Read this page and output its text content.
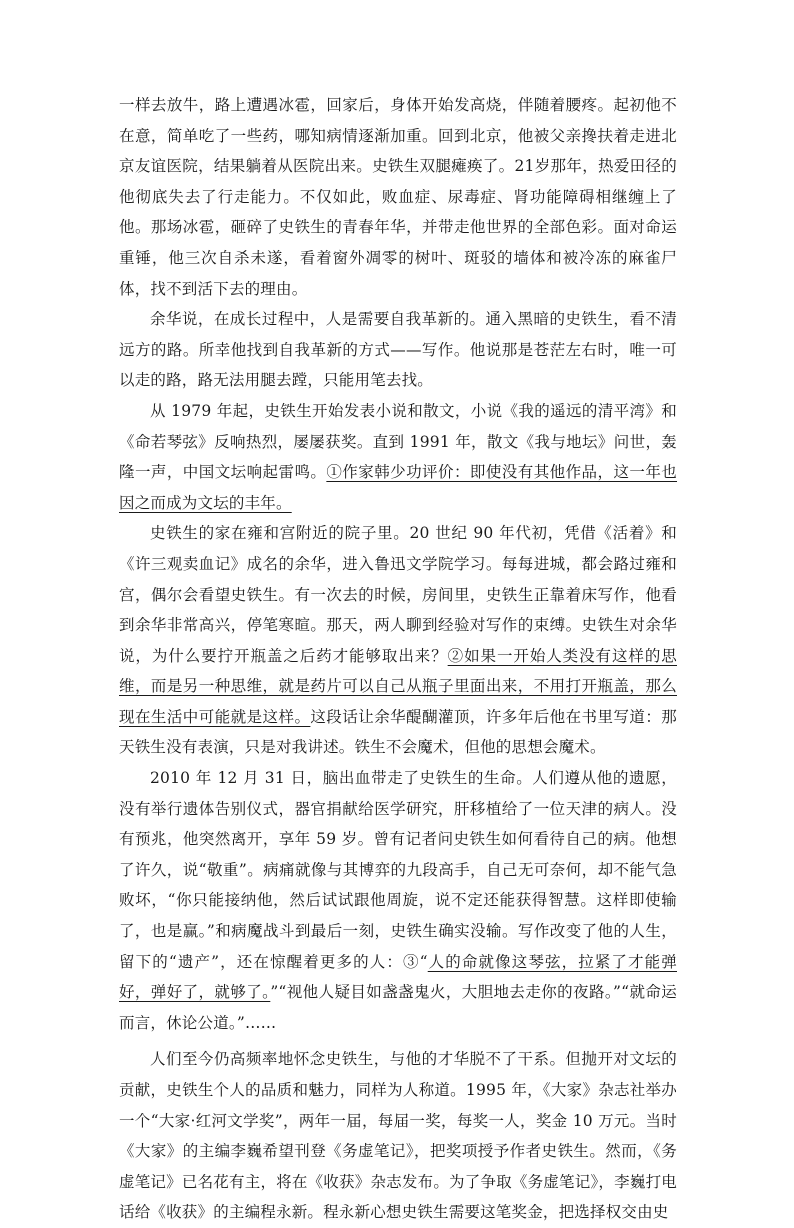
一样去放牛，路上遭遇冰雹，回家后，身体开始发高烧，伴随着腰疼。起初他不在意，简单吃了一些药，哪知病情逐渐加重。回到北京，他被父亲搀扶着走进北京友谊医院，结果躺着从医院出来。史铁生双腿瘫痪了。21岁那年，热爱田径的他彻底失去了行走能力。不仅如此，败血症、尿毒症、肾功能障碍相继缠上了他。那场冰雹，砸碎了史铁生的青春年华，并带走他世界的全部色彩。面对命运重锤，他三次自杀未遂，看着窗外凋零的树叶、斑驳的墙体和被冷冻的麻雀尸体，找不到活下去的理由。

余华说，在成长过程中，人是需要自我革新的。通入黑暗的史铁生，看不清远方的路。所幸他找到自我革新的方式——写作。他说那是苍茫左右时，唯一可以走的路，路无法用腿去蹚，只能用笔去找。

从 1979 年起，史铁生开始发表小说和散文，小说《我的遥远的清平湾》和《命若琴弦》反响热烈，屡屡获奖。直到 1991 年，散文《我与地坛》问世，轰隆一声，中国文坛响起雷鸣。①作家韩少功评价：即使没有其他作品，这一年也因之而成为文坛的丰年。

史铁生的家在雍和宫附近的院子里。20 世纪 90 年代初，凭借《活着》和《许三观卖血记》成名的余华，进入鲁迅文学院学习。每每进城，都会路过雍和宫，偶尔会看望史铁生。有一次去的时候，房间里，史铁生正靠着床写作，他看到余华非常高兴，停笔寒暄。那天，两人聊到经验对写作的束缚。史铁生对余华说，为什么要拧开瓶盖之后药才能够取出来？②如果一开始人类没有这样的思维，而是另一种思维，就是药片可以自己从瓶子里面出来，不用打开瓶盖，那么现在生活中可能就是这样。这段话让余华醍醐灌顶，许多年后他在书里写道：那天铁生没有表演，只是对我讲述。铁生不会魔术，但他的思想会魔术。

2010 年 12 月 31 日，脑出血带走了史铁生的生命。人们遵从他的遗愿，没有举行遗体告别仪式，器官捐献给医学研究，肝移植给了一位天津的病人。没有预兆，他突然离开，享年 59 岁。曾有记者问史铁生如何看待自己的病。他想了许久，说“敬重”。病痛就像与其博弈的九段高手，自己无可奈何，却不能气急败坏，“你只能接纳他，然后试试跟他周旋，说不定还能获得智慧。这样即使输了，也是赢。”和病魔战斗到最后一刻，史铁生确实没输。写作改变了他的人生，留下的“遗产”，还在惊醒着更多的人：③“人的命就像这琴弦，拉紧了才能弹好，弹好了，就够了。”“视他人疑目如盏盏鬼火，大胆地去走你的夜路。”“就命运而言，休论公道。”……

人们至今仍高频率地怀念史铁生，与他的才华脱不了干系。但抛开对文坛的贡献，史铁生个人的品质和魅力，同样为人称道。1995 年，《大家》杂志社举办一个“大家·红河文学奖”，两年一届，每届一奖，每奖一人，奖金 10 万元。当时《大家》的主编李巍希望刊登《务虚笔记》，把奖项授予作者史铁生。然而，《务虚笔记》已名花有主，将在《收获》杂志发布。为了争取《务虚笔记》，李巍打电话给《收获》的主编程永新。程永新心想史铁生需要这笔奖金，把选择权交由史
